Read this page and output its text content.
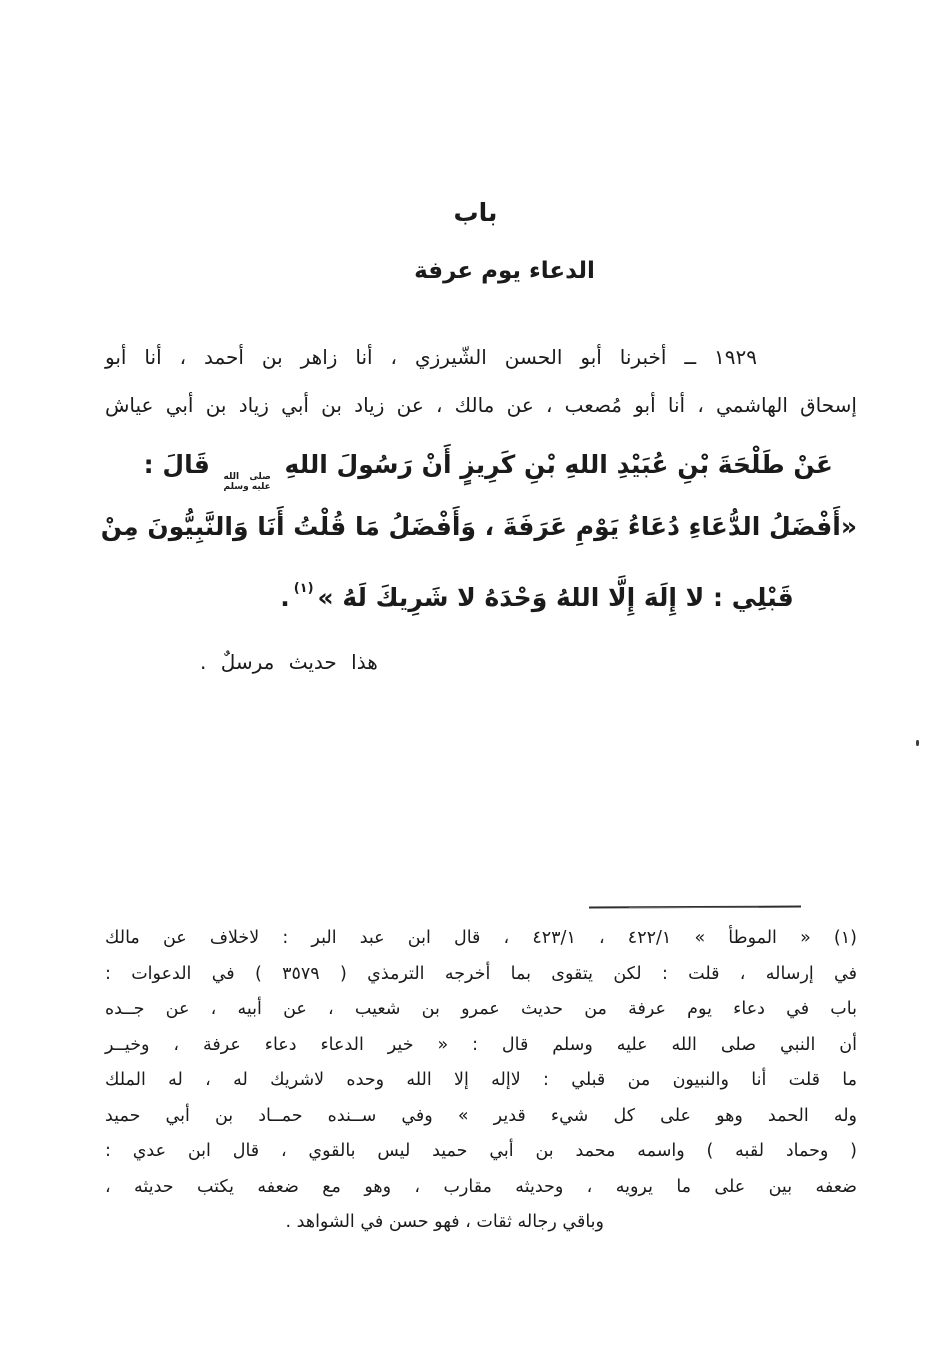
باب
الدعاء يوم عرفة
١٩٢٩ ــ أخبرنا أبو الحسن الشّيرزي ، أنا زاهر بن أحمد ، أنا أبو
إسحاق الهاشمي ، أنا أبو مُصعب ، عن مالك ، عن زياد بن أبي زياد بن أبي عياش
عَنْ طَلْحَةَ بْنِ عُبَيْدِ اللهِ بْنِ كَرِيزٍ أَنْ رَسُولَ اللهِ
صلى الله
عليه وسلم
قَالَ :
«أَفْضَلُ الدُّعَاءِ دُعَاءُ يَوْمِ عَرَفَةَ ، وَأَفْضَلُ مَا قُلْتُ أَنَا وَالنَّبِيُّونَ مِنْ
قَبْلِي : لا إِلَهَ إِلَّا اللهُ وَحْدَهُ لا شَرِيكَ لَهُ »$^{(١)}$.
هذا حديث مرسلٌ .
(١) « الموطأ » ٤٢٢/١ ، ٤٢٣/١ ، قال ابن عبد البر : لاخلاف عن مالك
في إرساله ، قلت : لكن يتقوى بما أخرجه الترمذي ( ٣٥٧٩ ) في الدعوات :
باب في دعاء يوم عرفة من حديث عمرو بن شعيب ، عن أبيه ، عن جــده
أن النبي صلى الله عليه وسلم قال : « خير الدعاء دعاء عرفة ، وخيــر
ما قلت أنا والنبيون من قبلي : لاإله إلا الله وحده لاشريك له ، له الملك
وله الحمد وهو على كل شيء قدير » وفي ســنده حمــاد بن أبي حميد
( وحماد لقبه ) واسمه محمد بن أبي حميد ليس بالقوي ، قال ابن عدي :
ضعفه بين على ما يرويه ، وحديثه مقارب ، وهو مع ضعفه يكتب حديثه ،
وباقي رجاله ثقات ، فهو حسن في الشواهد .
